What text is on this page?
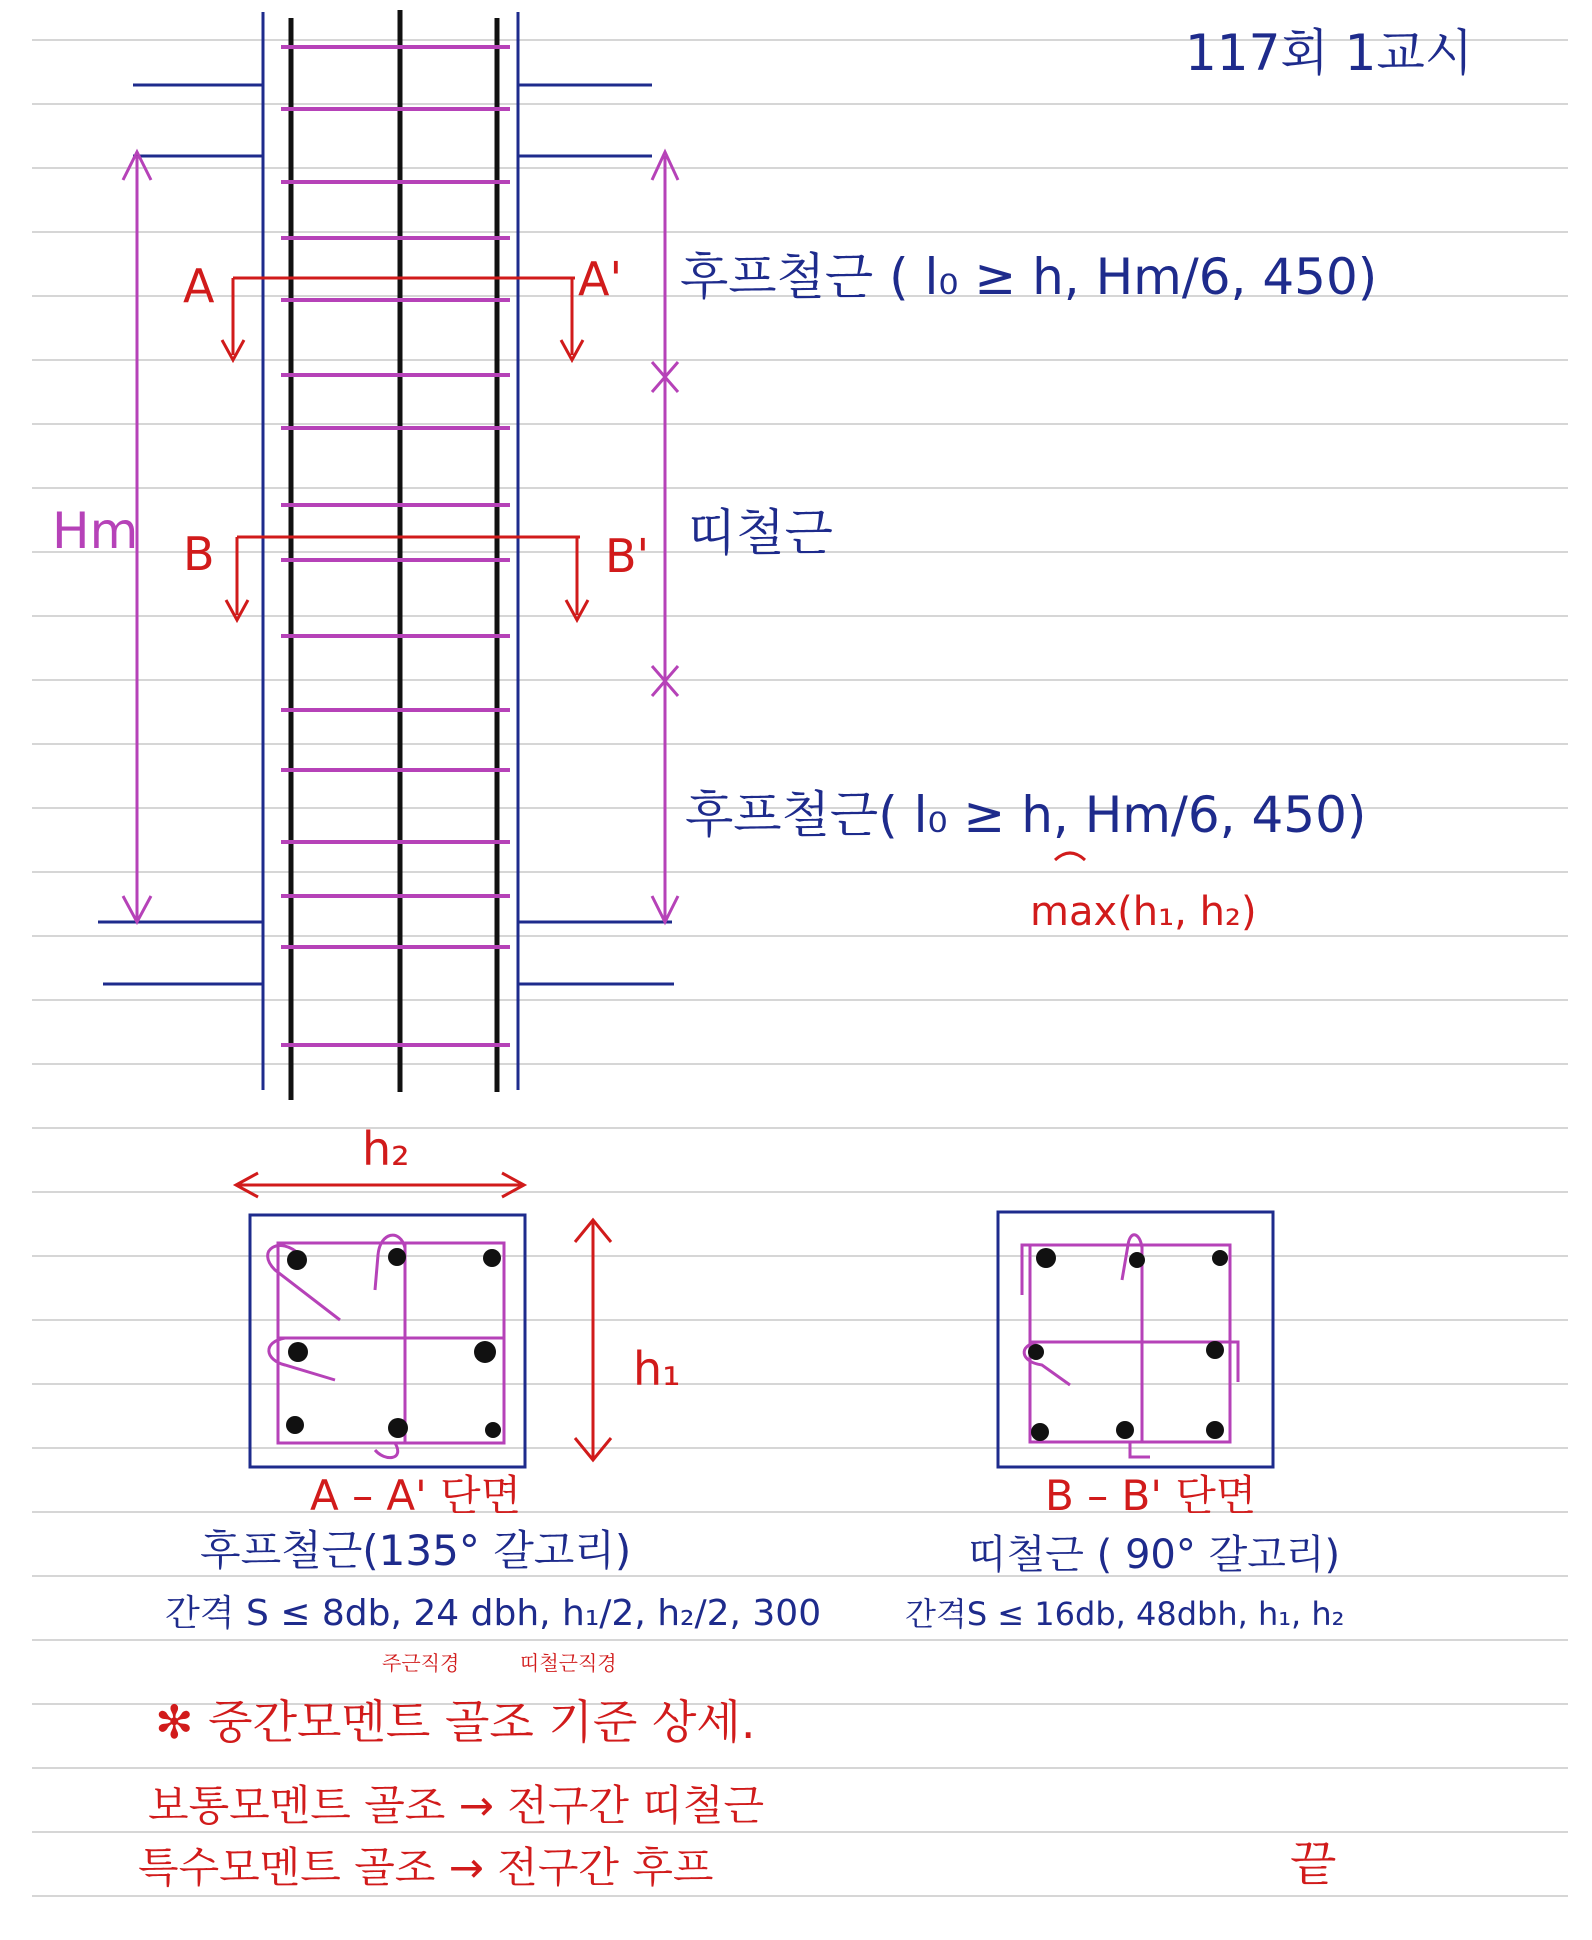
117회 1교시
Hm
A	A'
B	B'
후프철근 ( l₀ ≥ h, Hm/6, 450)
띠철근
후프철근( l₀ ≥ h, Hm/6, 450)
max(h₁, h₂)
h₂
h₁
A – A' 단면
후프철근(135° 갈고리)
간격 S ≤ 8db, 24 dbh, h₁/2, h₂/2, 300
주근직경	띠철근직경
B – B' 단면
띠철근 ( 90° 갈고리)
간격S ≤ 16db, 48dbh, h₁, h₂
✻ 중간모멘트 골조 기준 상세.
보통모멘트 골조 → 전구간 띠철근
특수모멘트 골조 → 전구간 후프	끝
